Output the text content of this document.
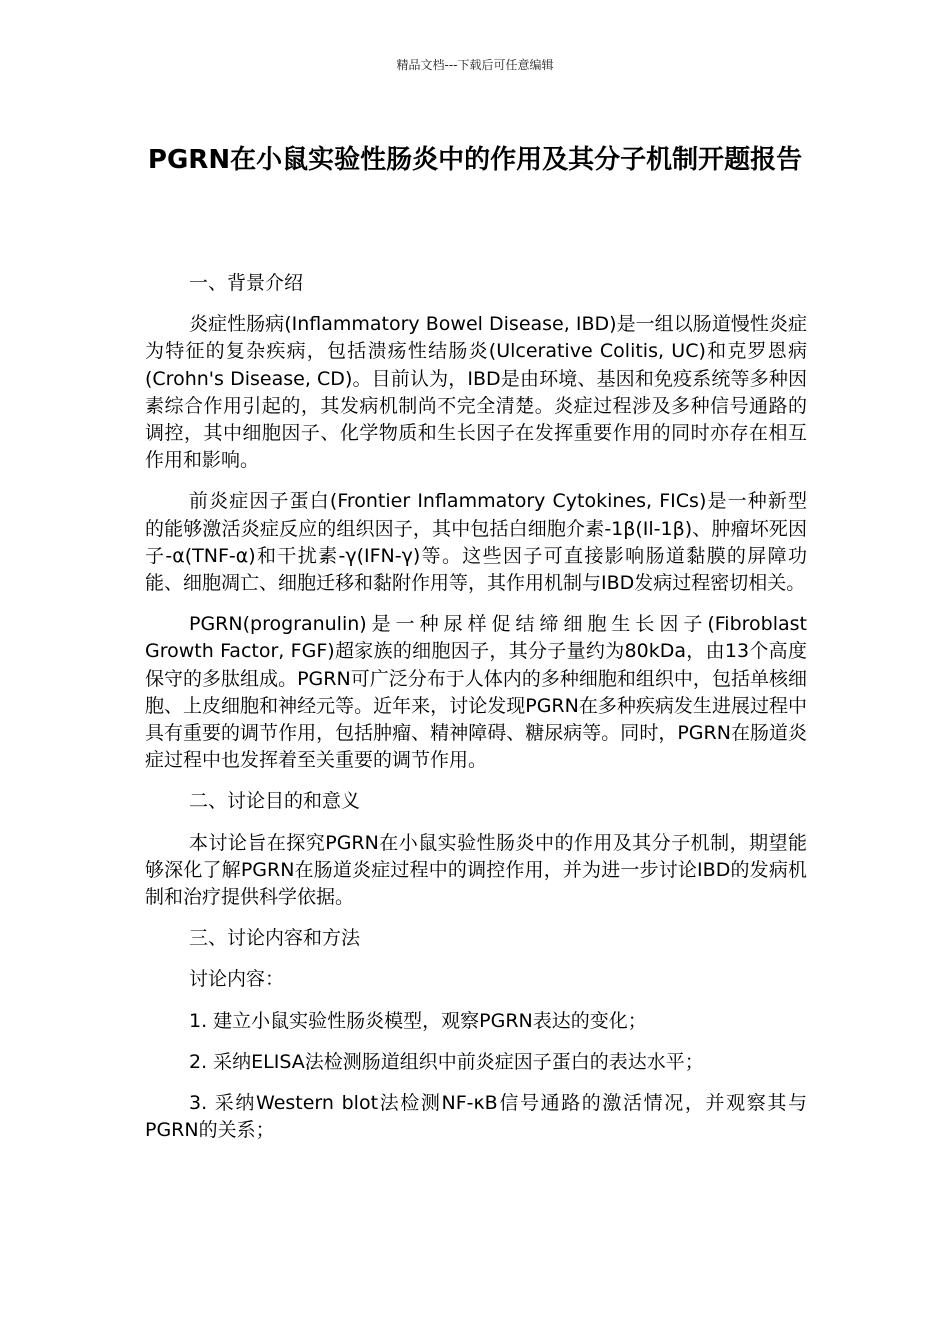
精品文档---下载后可任意编辑
PGRN在小鼠实验性肠炎中的作用及其分子机制开题报告

一、背景介绍

炎症性肠病(Inflammatory Bowel Disease, IBD)是一组以肠道慢性炎症为特征的复杂疾病，包括溃疡性结肠炎(Ulcerative Colitis, UC)和克罗恩病(Crohn's Disease, CD)。目前认为，IBD是由环境、基因和免疫系统等多种因素综合作用引起的，其发病机制尚不完全清楚。炎症过程涉及多种信号通路的调控，其中细胞因子、化学物质和生长因子在发挥重要作用的同时亦存在相互作用和影响。

前炎症因子蛋白(Frontier Inflammatory Cytokines, FICs)是一种新型的能够激活炎症反应的组织因子，其中包括白细胞介素-1β(Il-1β)、肿瘤坏死因子-α(TNF-α)和干扰素-γ(IFN-γ)等。这些因子可直接影响肠道黏膜的屏障功能、细胞凋亡、细胞迁移和黏附作用等，其作用机制与IBD发病过程密切相关。

PGRN(progranulin)是一种尿样促结缔细胞生长因子(Fibroblast Growth Factor, FGF)超家族的细胞因子，其分子量约为80kDa，由13个高度保守的多肽组成。PGRN可广泛分布于人体内的多种细胞和组织中，包括单核细胞、上皮细胞和神经元等。近年来，讨论发现PGRN在多种疾病发生进展过程中具有重要的调节作用，包括肿瘤、精神障碍、糖尿病等。同时，PGRN在肠道炎症过程中也发挥着至关重要的调节作用。

二、讨论目的和意义

本讨论旨在探究PGRN在小鼠实验性肠炎中的作用及其分子机制，期望能够深化了解PGRN在肠道炎症过程中的调控作用，并为进一步讨论IBD的发病机制和治疗提供科学依据。

三、讨论内容和方法

讨论内容：

1. 建立小鼠实验性肠炎模型，观察PGRN表达的变化；

2. 采纳ELISA法检测肠道组织中前炎症因子蛋白的表达水平；

3. 采纳Western blot法检测NF-κB信号通路的激活情况，并观察其与PGRN的关系；
